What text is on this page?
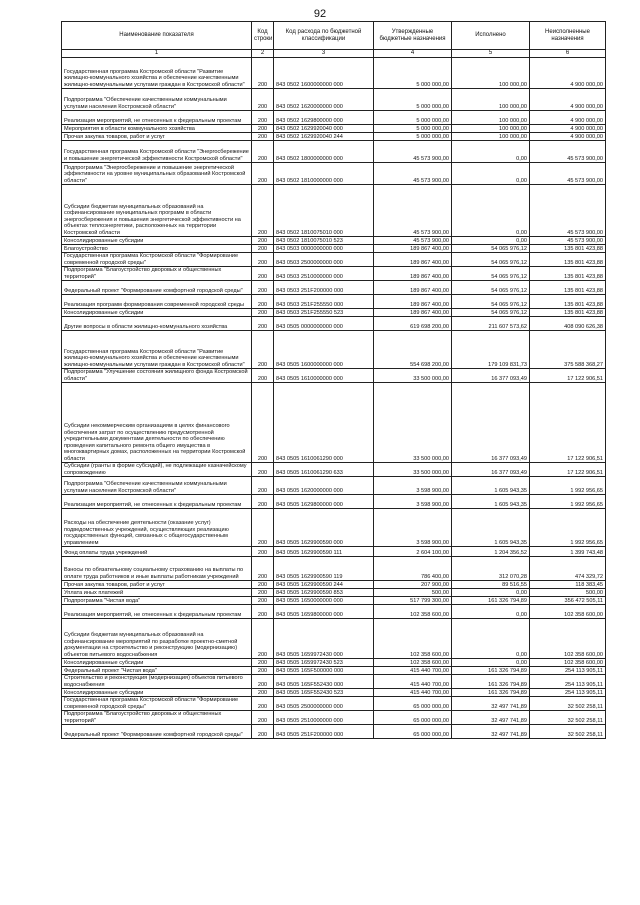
92
Наименование показателя	Код строки	Код расхода по бюджетной классификации	Утвержденные бюджетные назначения	Исполнено	Неисполненные назначения
1	2	3	4	5	6
Государственная программа Костромской области "Развитие жилищно-коммунального хозяйства и обеспечение качественными жилищно-коммунальными услугами граждан в Костромской области"	200	843 0502 1600000000 000	5 000 000,00	100 000,00	4 900 000,00
Подпрограмма "Обеспечение качественными коммунальными услугами населения Костромской области"	200	843 0502 1620000000 000	5 000 000,00	100 000,00	4 900 000,00
Реализация мероприятий, не отнесенных к федеральным проектам	200	843 0502 1629800000 000	5 000 000,00	100 000,00	4 900 000,00
Мероприятия в области коммунального хозяйства	200	843 0502 1629920040 000	5 000 000,00	100 000,00	4 900 000,00
Прочая закупка товаров, работ и услуг	200	843 0502 1629920040 244	5 000 000,00	100 000,00	4 900 000,00
Государственная программа Костромской области "Энергосбережение и повышение энергетической эффективности Костромской области"	200	843 0502 1800000000 000	45 573 900,00	0,00	45 573 900,00
Подпрограмма "Энергосбережение и повышение энергетической эффективности на уровне муниципальных образований Костромской области"	200	843 0502 1810000000 000	45 573 900,00	0,00	45 573 900,00
Субсидии бюджетам муниципальных образований на софинансирование муниципальных программ в области энергосбережения и повышения энергетической эффективности на объектах теплоэнергетики, расположенных на территории Костромской области	200	843 0502 1810075010 000	45 573 900,00	0,00	45 573 900,00
Консолидированные субсидии	200	843 0502 1810075010 523	45 573 900,00	0,00	45 573 900,00
Благоустройство	200	843 0503 0000000000 000	189 867 400,00	54 065 976,12	135 801 423,88
Государственная программа Костромской области "Формирование современной городской среды"	200	843 0503 2500000000 000	189 867 400,00	54 065 976,12	135 801 423,88
Подпрограмма "Благоустройство дворовых и общественных территорий"	200	843 0503 2510000000 000	189 867 400,00	54 065 976,12	135 801 423,88
Федеральный проект "Формирование комфортной городской среды"	200	843 0503 251F200000 000	189 867 400,00	54 065 976,12	135 801 423,88
Реализация программ формирования современной городской среды	200	843 0503 251F255550 000	189 867 400,00	54 065 976,12	135 801 423,88
Консолидированные субсидии	200	843 0503 251F255550 523	189 867 400,00	54 065 976,12	135 801 423,88
Другие вопросы в области жилищно-коммунального хозяйства	200	843 0505 0000000000 000	619 698 200,00	211 607 573,62	408 090 626,38
Государственная программа Костромской области "Развитие жилищно-коммунального хозяйства и обеспечение качественными жилищно-коммунальными услугами граждан в Костромской области"	200	843 0505 1600000000 000	554 698 200,00	179 109 831,73	375 588 368,27
Подпрограмма "Улучшение состояния жилищного фонда Костромской области"	200	843 0505 1610000000 000	33 500 000,00	16 377 093,49	17 122 906,51
Субсидии некоммерческим организациям в целях финансового обеспечения затрат по осуществлению предусмотренной учредительными документами деятельности по обеспечению проведения капитального ремонта общего имущества в многоквартирных домах, расположенных на территории Костромской области	200	843 0505 1610061290 000	33 500 000,00	16 377 093,49	17 122 906,51
Субсидии (гранты в форме субсидий), не подлежащие казначейскому сопровождению	200	843 0505 1610061290 633	33 500 000,00	16 377 093,49	17 122 906,51
Подпрограмма "Обеспечение качественными коммунальными услугами населения Костромской области"	200	843 0505 1620000000 000	3 598 900,00	1 605 943,35	1 992 956,65
Реализация мероприятий, не отнесенных к федеральным проектам	200	843 0505 1629800000 000	3 598 900,00	1 605 943,35	1 992 956,65
Расходы на обеспечение деятельности (оказание услуг) подведомственных учреждений, осуществляющих реализацию государственных функций, связанных с общегосударственным управлением	200	843 0505 1629900590 000	3 598 900,00	1 605 943,35	1 992 956,65
Фонд оплаты труда учреждений	200	843 0505 1629900590 111	2 604 100,00	1 204 356,52	1 399 743,48
Взносы по обязательному социальному страхованию на выплаты по оплате труда работников и иные выплаты работникам учреждений	200	843 0505 1629900590 119	786 400,00	312 070,28	474 329,72
Прочая закупка товаров, работ и услуг	200	843 0505 1629900590 244	207 900,00	89 516,55	118 383,45
Уплата иных платежей	200	843 0505 1629900590 853	500,00	0,00	500,00
Подпрограмма "Чистая вода"	200	843 0505 1650000000 000	517 799 300,00	161 326 794,89	356 472 505,11
Реализация мероприятий, не отнесенных к федеральным проектам	200	843 0505 1659800000 000	102 358 600,00	0,00	102 358 600,00
Субсидии бюджетам муниципальных образований на софинансирование мероприятий по разработке проектно-сметной документации на строительство и реконструкцию (модернизацию) объектов питьевого водоснабжения	200	843 0505 1659972430 000	102 358 600,00	0,00	102 358 600,00
Консолидированные субсидии	200	843 0505 1659972430 523	102 358 600,00	0,00	102 358 600,00
Федеральный проект "Чистая вода"	200	843 0505 165F500000 000	415 440 700,00	161 326 794,89	254 113 905,11
Строительство и реконструкция (модернизация) объектов питьевого водоснабжения	200	843 0505 165F552430 000	415 440 700,00	161 326 794,89	254 113 905,11
Консолидированные субсидии	200	843 0505 165F552430 523	415 440 700,00	161 326 794,89	254 113 905,11
Государственная программа Костромской области "Формирование современной городской среды"	200	843 0505 2500000000 000	65 000 000,00	32 497 741,89	32 502 258,11
Подпрограмма "Благоустройство дворовых и общественных территорий"	200	843 0505 2510000000 000	65 000 000,00	32 497 741,89	32 502 258,11
Федеральный проект "Формирование комфортной городской среды"	200	843 0505 251F200000 000	65 000 000,00	32 497 741,89	32 502 258,11
